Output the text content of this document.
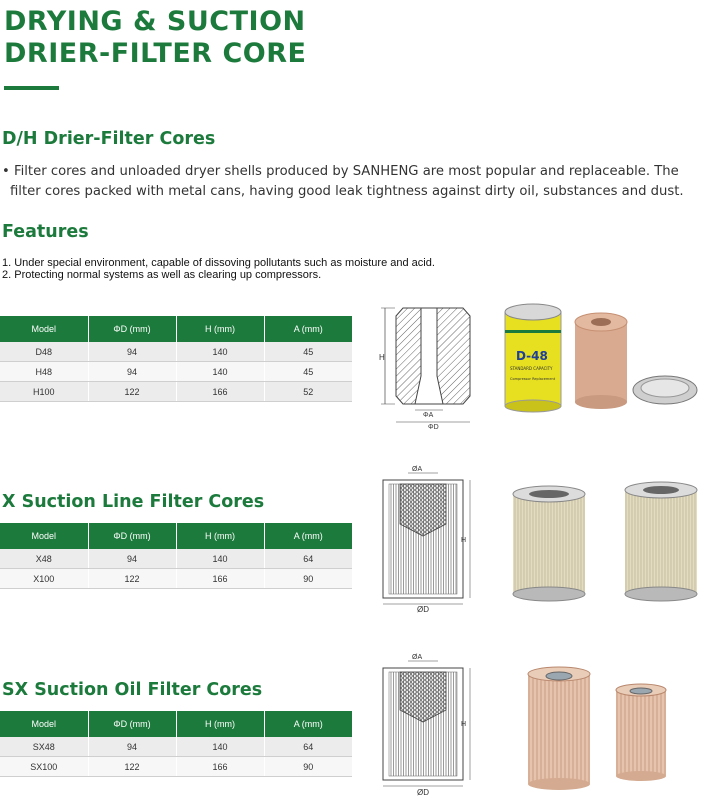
DRYING & SUCTION
DRIER-FILTER CORE
D/H Drier-Filter Cores
• Filter cores and unloaded dryer shells produced by SANHENG are most popular and replaceable. The
filter cores packed with metal cans, having good leak tightness against dirty oil, substances and dust.
Features
1. Under special environment, capable of dissoving pollutants such as moisture and acid.
2. Protecting normal systems as well as clearing up compressors.
Model	ΦD (mm)	H (mm)	A (mm)
D48	94	140	45
H48	94	140	45
H100	122	166	52
H
ΦA
ΦD
D-48
STANDARD CAPACITY
Compressor Replacement
X Suction Line Filter Cores
Model	ΦD (mm)	H (mm)	A (mm)
X48	94	140	64
X100	122	166	90
ØA
H
ØD
SX Suction Oil Filter Cores
Model	ΦD (mm)	H (mm)	A (mm)
SX48	94	140	64
SX100	122	166	90
ØA
H
ØD
